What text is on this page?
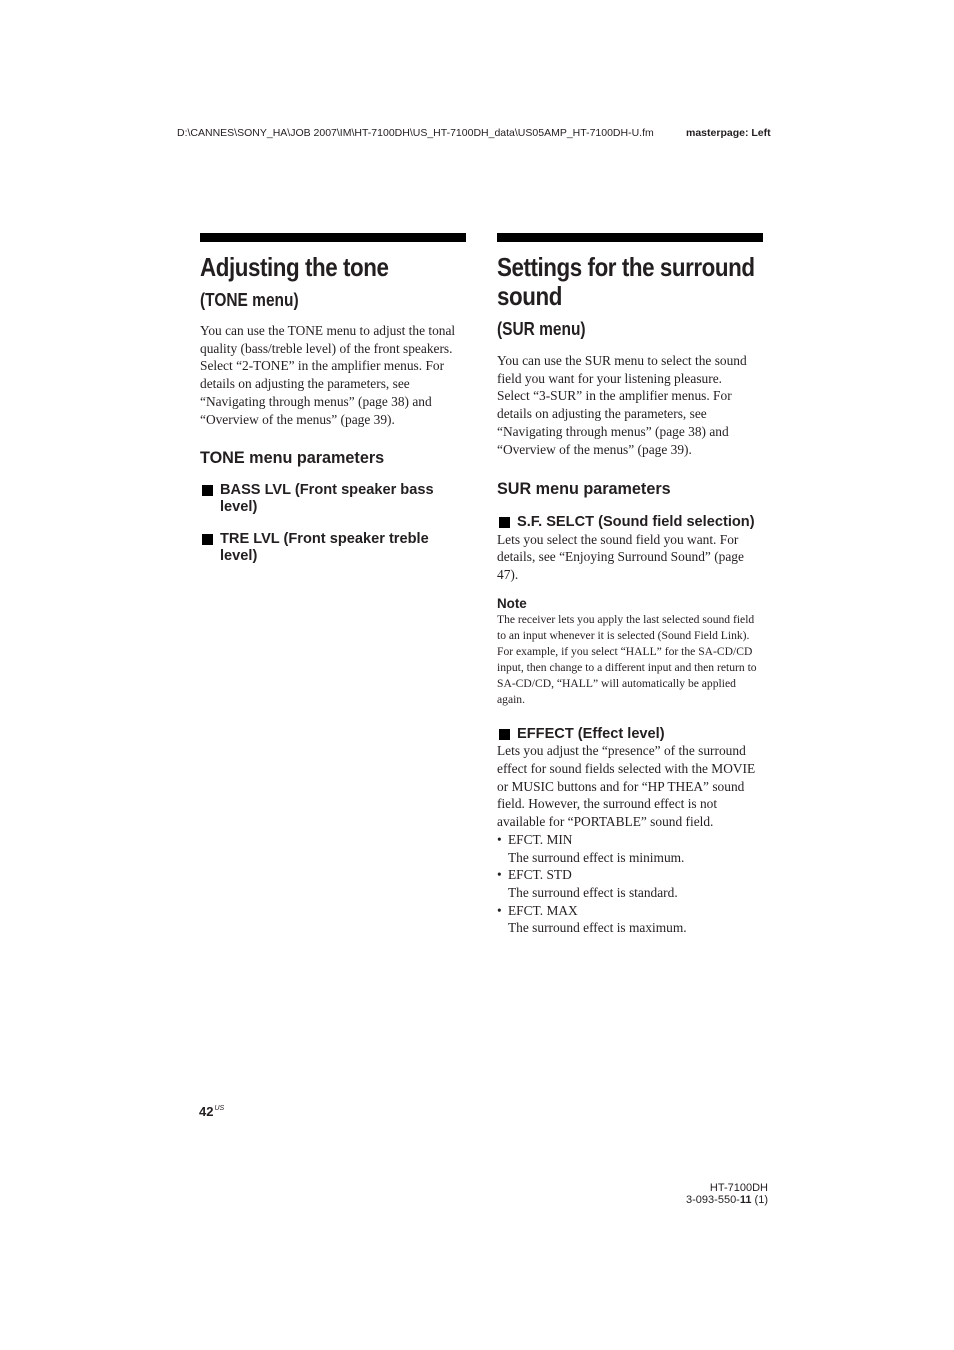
D:\CANNES\SONY_HA\JOB 2007\IM\HT-7100DH\US_HT-7100DH_data\US05AMP_HT-7100DH-U.fm	masterpage: Left
Adjusting the tone
(TONE menu)

You can use the TONE menu to adjust the tonal quality (bass/treble level) of the front speakers.

Select “2-TONE” in the amplifier menus. For details on adjusting the parameters, see “Navigating through menus” (page 38) and “Overview of the menus” (page 39).

TONE menu parameters
BASS LVL (Front speaker bass level)
TRE LVL (Front speaker treble level)
Settings for the surround sound
(SUR menu)

You can use the SUR menu to select the sound field you want for your listening pleasure.

Select “3-SUR” in the amplifier menus. For details on adjusting the parameters, see “Navigating through menus” (page 38) and “Overview of the menus” (page 39).

SUR menu parameters
S.F. SELCT (Sound field selection)

Lets you select the sound field you want. For details, see “Enjoying Surround Sound” (page 47).

Note

The receiver lets you apply the last selected sound field to an input whenever it is selected (Sound Field Link). For example, if you select “HALL” for the SA-CD/CD input, then change to a different input and then return to SA-CD/CD, “HALL” will automatically be applied again.

EFFECT (Effect level)

Lets you adjust the “presence” of the surround effect for sound fields selected with the MOVIE or MUSIC buttons and for “HP THEA” sound field. However, the surround effect is not available for “PORTABLE” sound field.

• EFCT. MIN
The surround effect is minimum.
• EFCT. STD
The surround effect is standard.
• EFCT. MAX
The surround effect is maximum.
$42^{US}$
HT-7100DH
3-093-550-11 (1)
